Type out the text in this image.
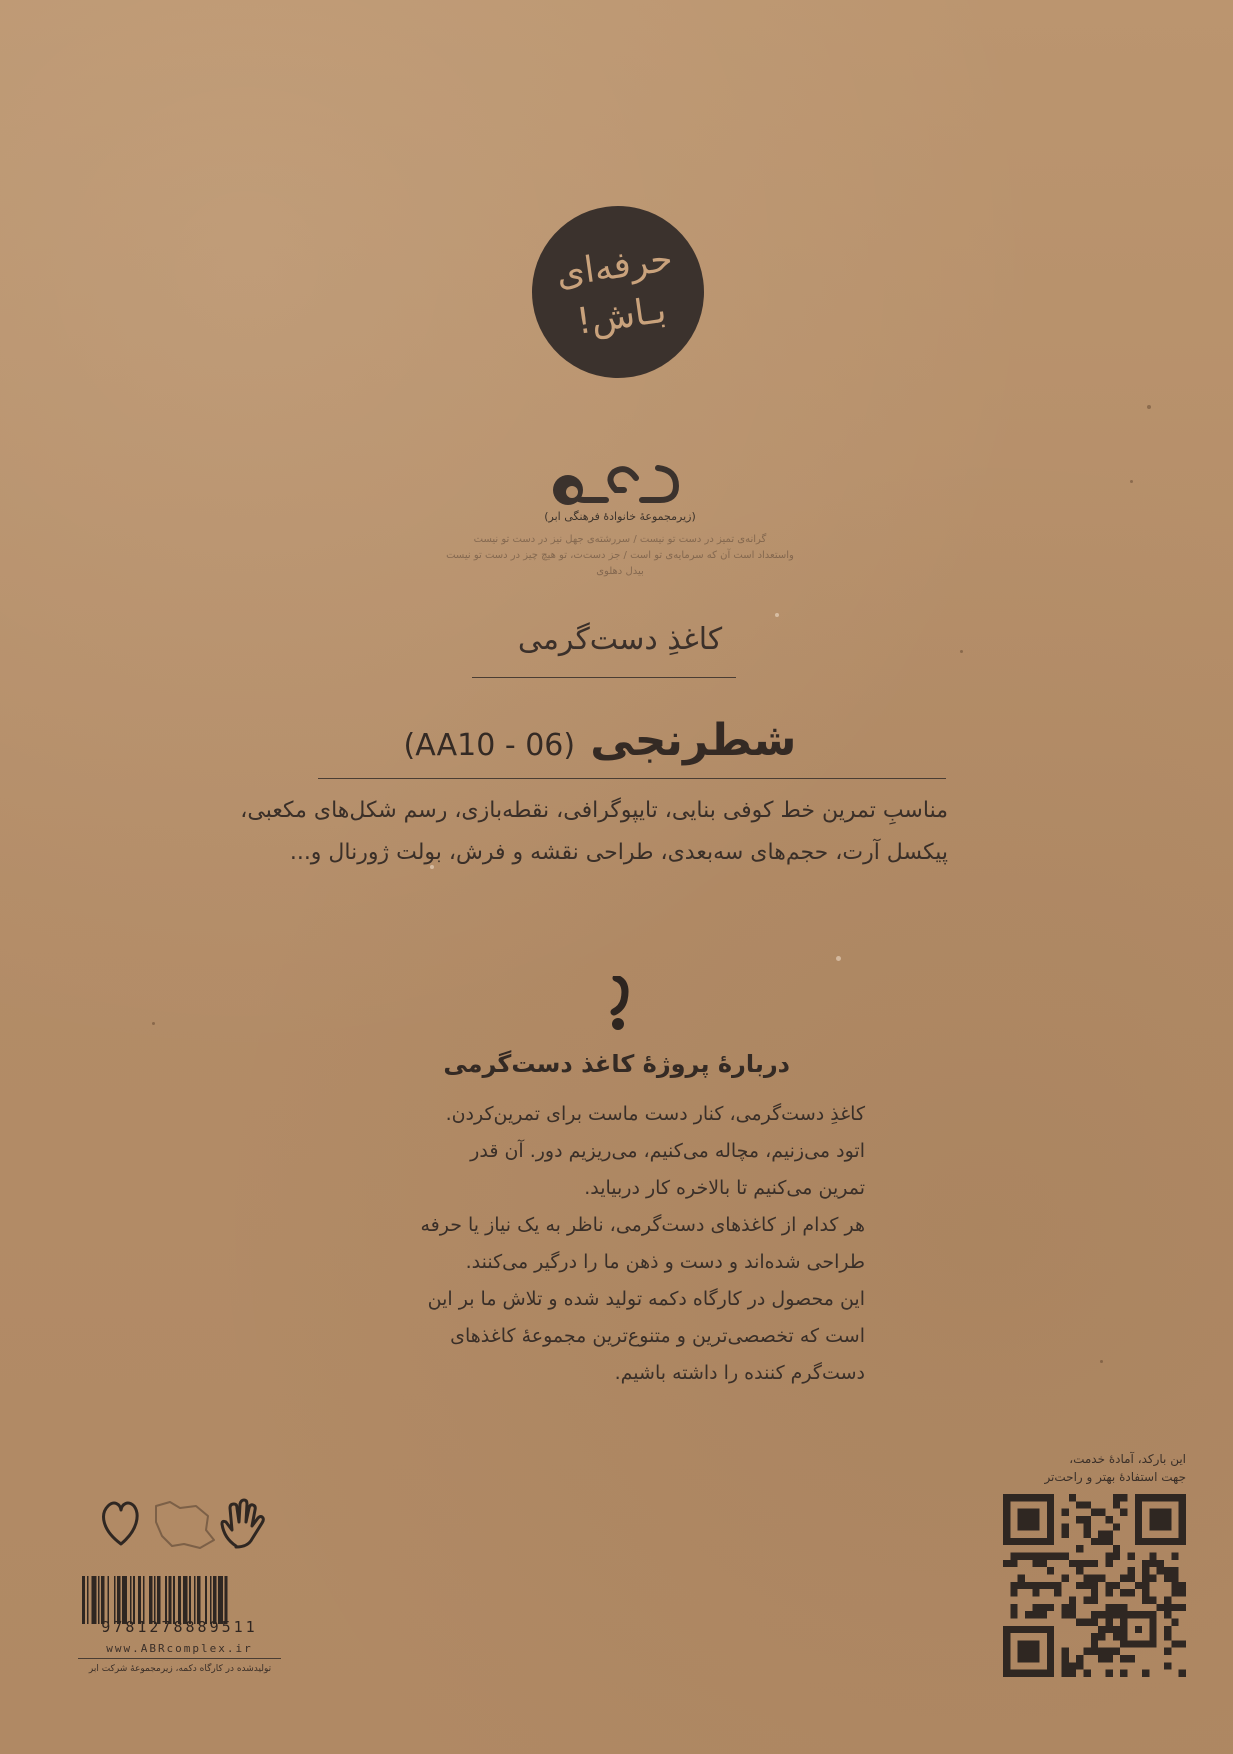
حرفه‌ای
بـاش!
(زیرمجموعهٔ خانوادهٔ فرهنگی ابر)
گرانه‌ی تمیز در دست تو نیست / سررشته‌ی جهل نیز در دست تو نیست
واستعداد است آن که سرمایه‌ی تو است / جز دست‌ت، تو هیچ چیز در دست تو نیست
بیدل دهلوی
کاغذِ دست‌گرمی
شطرنجی (AA10 - 06)
مناسبِ تمرین خط کوفی بنایی، تایپوگرافی، نقطه‌بازی، رسم شکل‌های مکعبی،
پیکسل آرت، حجم‌های سه‌بعدی، طراحی نقشه و فرش، بولت ژورنال و...
دربارهٔ پروژهٔ کاغذ دست‌گرمی
کاغذِ دست‌گرمی، کنار دست ماست برای تمرین‌کردن.
اتود می‌زنیم، مچاله می‌کنیم، می‌ریزیم دور. آن قدر
تمرین می‌کنیم تا بالاخره کار دربیاید.
هر کدام از کاغذهای دست‌گرمی، ناظر به یک نیاز یا حرفه
طراحی شده‌اند و دست و ذهن ما را درگیر می‌کنند.
این محصول در کارگاه دکمه تولید شده و تلاش ما بر این
است که تخصصی‌ترین و متنوع‌ترین مجموعهٔ کاغذهای
دست‌گرم کننده را داشته باشیم.
این بارکد، آمادهٔ خدمت،
جهت استفادهٔ بهتر و راحت‌تر
9781278889511
www.ABRcomplex.ir
تولیدشده در کارگاه دکمه، زیرمجموعهٔ شرکت ابر
